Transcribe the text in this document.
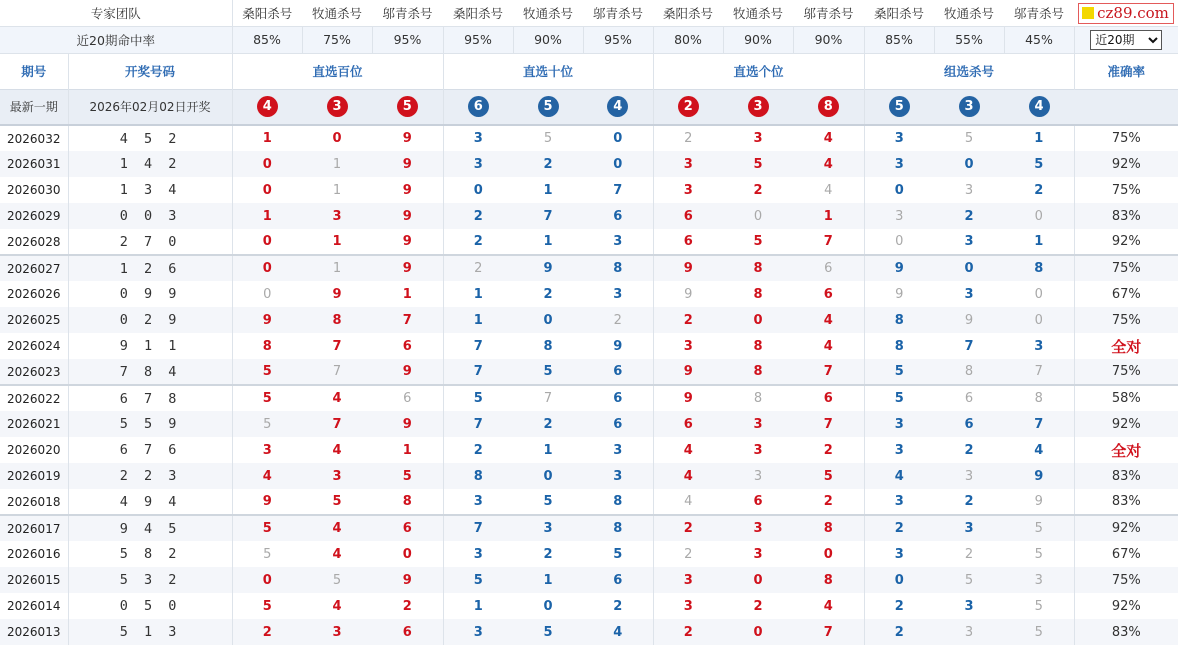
专家团队		桑阳杀号	牧通杀号	邬青杀号	桑阳杀号	牧通杀号	邬青杀号	桑阳杀号	牧通杀号	邬青杀号	桑阳杀号	牧通杀号	邬青杀号	cz89.com
近20期命中率		85%	75%	95%	95%	90%	95%	80%	90%	90%	85%	55%	45%	
近20期
期号	开奖号码	直选百位			直选十位			直选个位			组选杀号			准确率
最新一期	2026年02月02日开奖	4	3	5	6	5	4	2	3	8	5	3	4	
2026032	4 5 2	1	0	9	3	5	0	2	3	4	3	5	1	75%
2026031	1 4 2	0	1	9	3	2	0	3	5	4	3	0	5	92%
2026030	1 3 4	0	1	9	0	1	7	3	2	4	0	3	2	75%
2026029	0 0 3	1	3	9	2	7	6	6	0	1	3	2	0	83%
2026028	2 7 0	0	1	9	2	1	3	6	5	7	0	3	1	92%
2026027	1 2 6	0	1	9	2	9	8	9	8	6	9	0	8	75%
2026026	0 9 9	0	9	1	1	2	3	9	8	6	9	3	0	67%
2026025	0 2 9	9	8	7	1	0	2	2	0	4	8	9	0	75%
2026024	9 1 1	8	7	6	7	8	9	3	8	4	8	7	3	全对
2026023	7 8 4	5	7	9	7	5	6	9	8	7	5	8	7	75%
2026022	6 7 8	5	4	6	5	7	6	9	8	6	5	6	8	58%
2026021	5 5 9	5	7	9	7	2	6	6	3	7	3	6	7	92%
2026020	6 7 6	3	4	1	2	1	3	4	3	2	3	2	4	全对
2026019	2 2 3	4	3	5	8	0	3	4	3	5	4	3	9	83%
2026018	4 9 4	9	5	8	3	5	8	4	6	2	3	2	9	83%
2026017	9 4 5	5	4	6	7	3	8	2	3	8	2	3	5	92%
2026016	5 8 2	5	4	0	3	2	5	2	3	0	3	2	5	67%
2026015	5 3 2	0	5	9	5	1	6	3	0	8	0	5	3	75%
2026014	0 5 0	5	4	2	1	0	2	3	2	4	2	3	5	92%
2026013	5 1 3	2	3	6	3	5	4	2	0	7	2	3	5	83%
